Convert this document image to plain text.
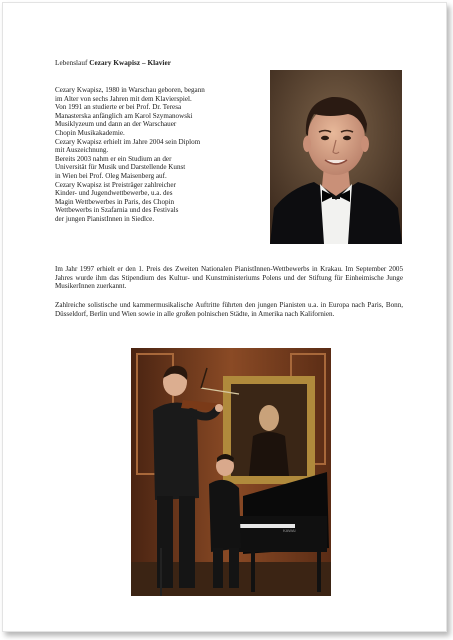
Lebenslauf Cezary Kwapisz – Klavier
Cezary Kwapisz, 1980 in Warschau geboren, begann
im Alter von sechs Jahren mit dem Klavierspiel.
Von 1991 an studierte er bei Prof. Dr. Teresa
Manasterska anfänglich am Karol Szymanowski
Musiklyzeum und dann an der Warschauer
Chopin Musikakademie.
Cezary Kwapisz erhielt im Jahre 2004 sein Diplom
mit Auszeichnung.
Bereits 2003 nahm er ein Studium an der
Universität für Musik und Darstellende Kunst
in Wien bei Prof. Oleg Maisenberg auf.
Cezary Kwapisz ist Preisträger zahlreicher
Kinder- und Jugendwettbewerbe, u.a. des
Magin Wettbewerbes in Paris, des Chopin
Wettbewerbs in Szafarnia und des Festivals
der jungen PianistInnen in Siedlce.
Im Jahr 1997 erhielt er den 1. Preis des Zweiten Nationalen PianistInnen-Wettbewerbs in Krakau. Im September 2005 Jahres wurde ihm das Stipendium des Kultur- und Kunstministeriums Polens und der Stiftung für Einheimische Junge MusikerInnen zuerkannt.
Zahlreiche solistische und kammermusikalische Auftritte führten den jungen Pianisten u.a. in Europa nach Paris, Bonn, Düsseldorf, Berlin und Wien sowie in alle großen polnischen Städte, in Amerika nach Kalifornien.
KAWAI
